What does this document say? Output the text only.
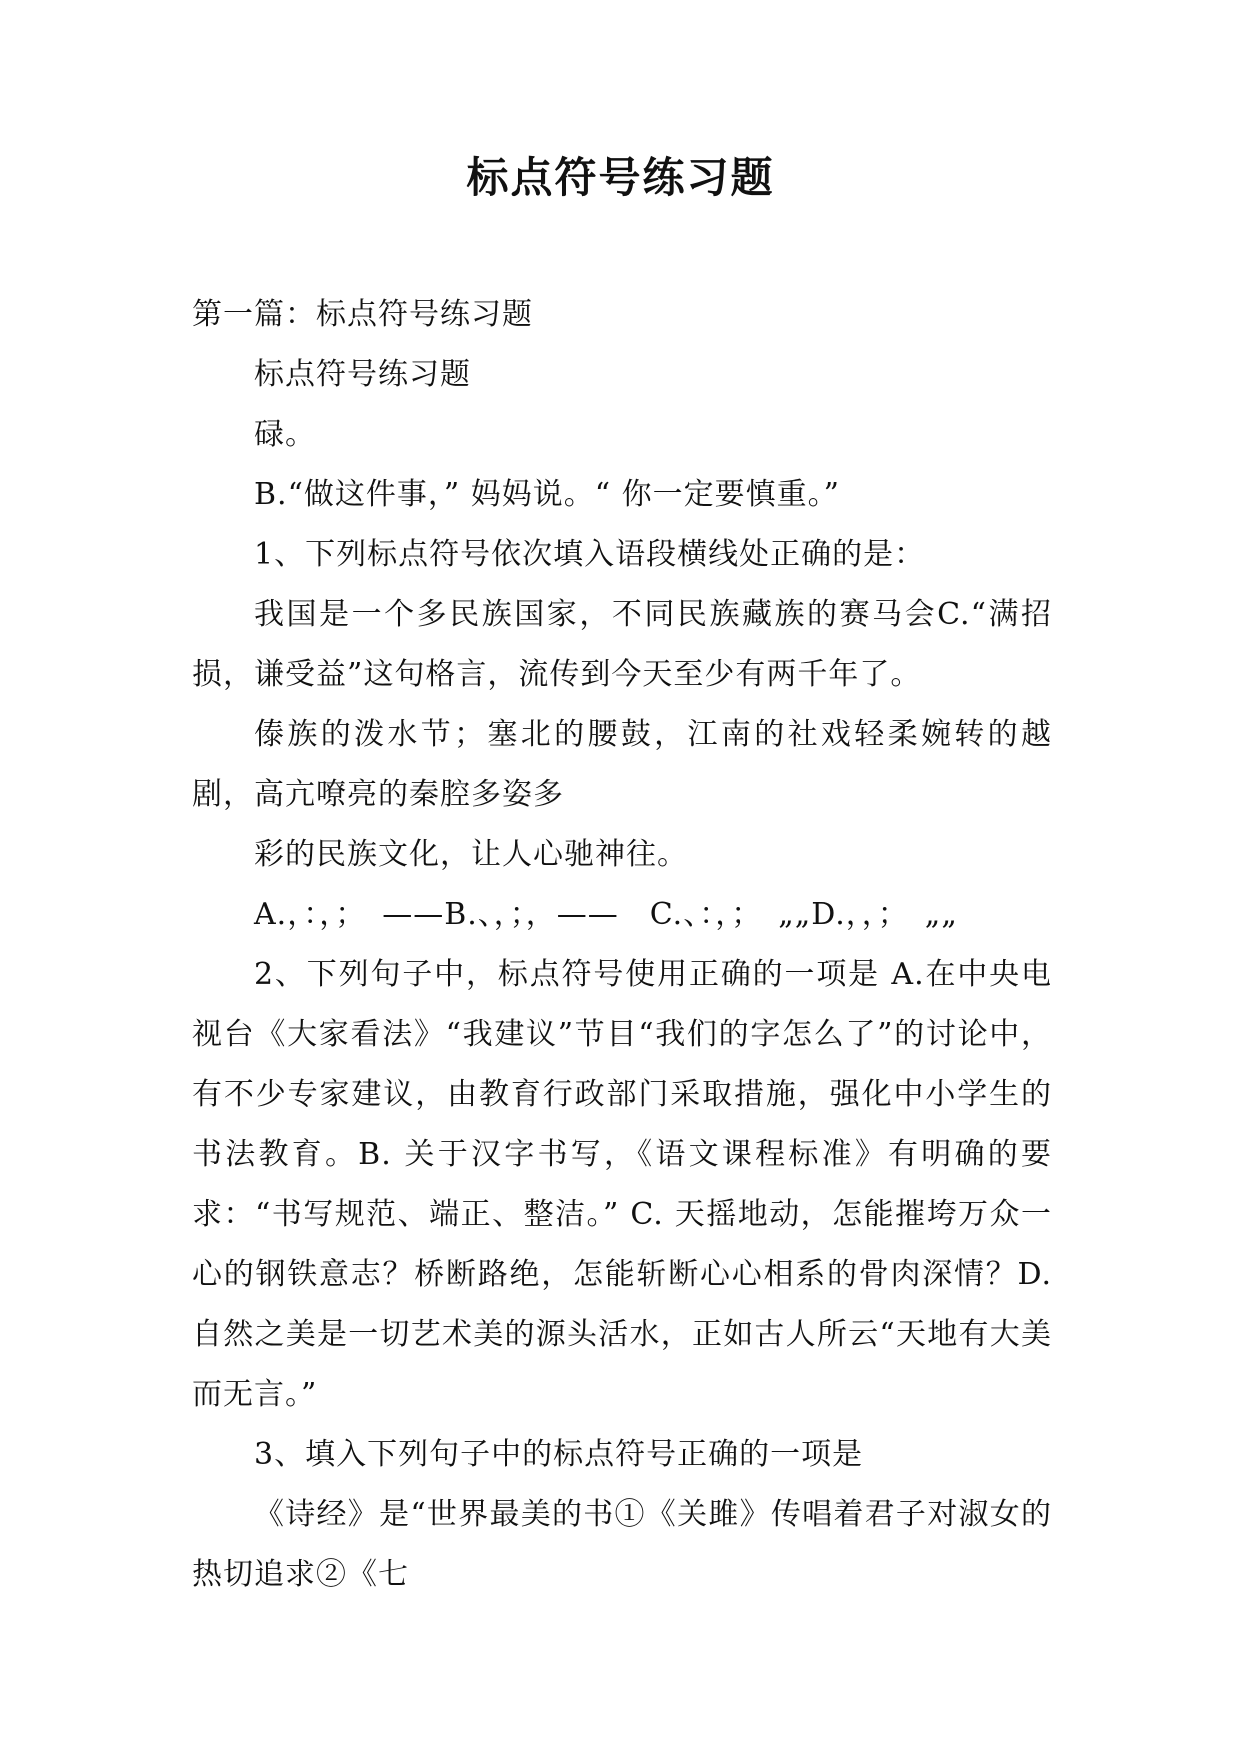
标点符号练习题

第一篇：标点符号练习题

标点符号练习题

碌。

B.“做这件事，” 妈妈说。“ 你一定要慎重。”

1、下列标点符号依次填入语段横线处正确的是：

我国是一个多民族国家，不同民族藏族的赛马会C.“满招损，谦受益”这句格言，流传到今天至少有两千年了。

傣族的泼水节；塞北的腰鼓，江南的社戏轻柔婉转的越剧，高亢嘹亮的秦腔多姿多

彩的民族文化，让人心驰神往。

A.，：，；　——B.、，；，——　C.、：，；　„„D.，，；　„„

2、下列句子中，标点符号使用正确的一项是 A.在中央电视台《大家看法》“我建议”节目“我们的字怎么了”的讨论中，有不少专家建议，由教育行政部门采取措施，强化中小学生的书法教育。B. 关于汉字书写，《语文课程标准》有明确的要求：“书写规范、端正、整洁。” C. 天摇地动，怎能摧垮万众一心的钢铁意志？桥断路绝，怎能斩断心心相系的骨肉深情？D. 自然之美是一切艺术美的源头活水，正如古人所云“天地有大美而无言。”

3、填入下列句子中的标点符号正确的一项是

《诗经》是“世界最美的书①《关雎》传唱着君子对淑女的热切追求②《七
